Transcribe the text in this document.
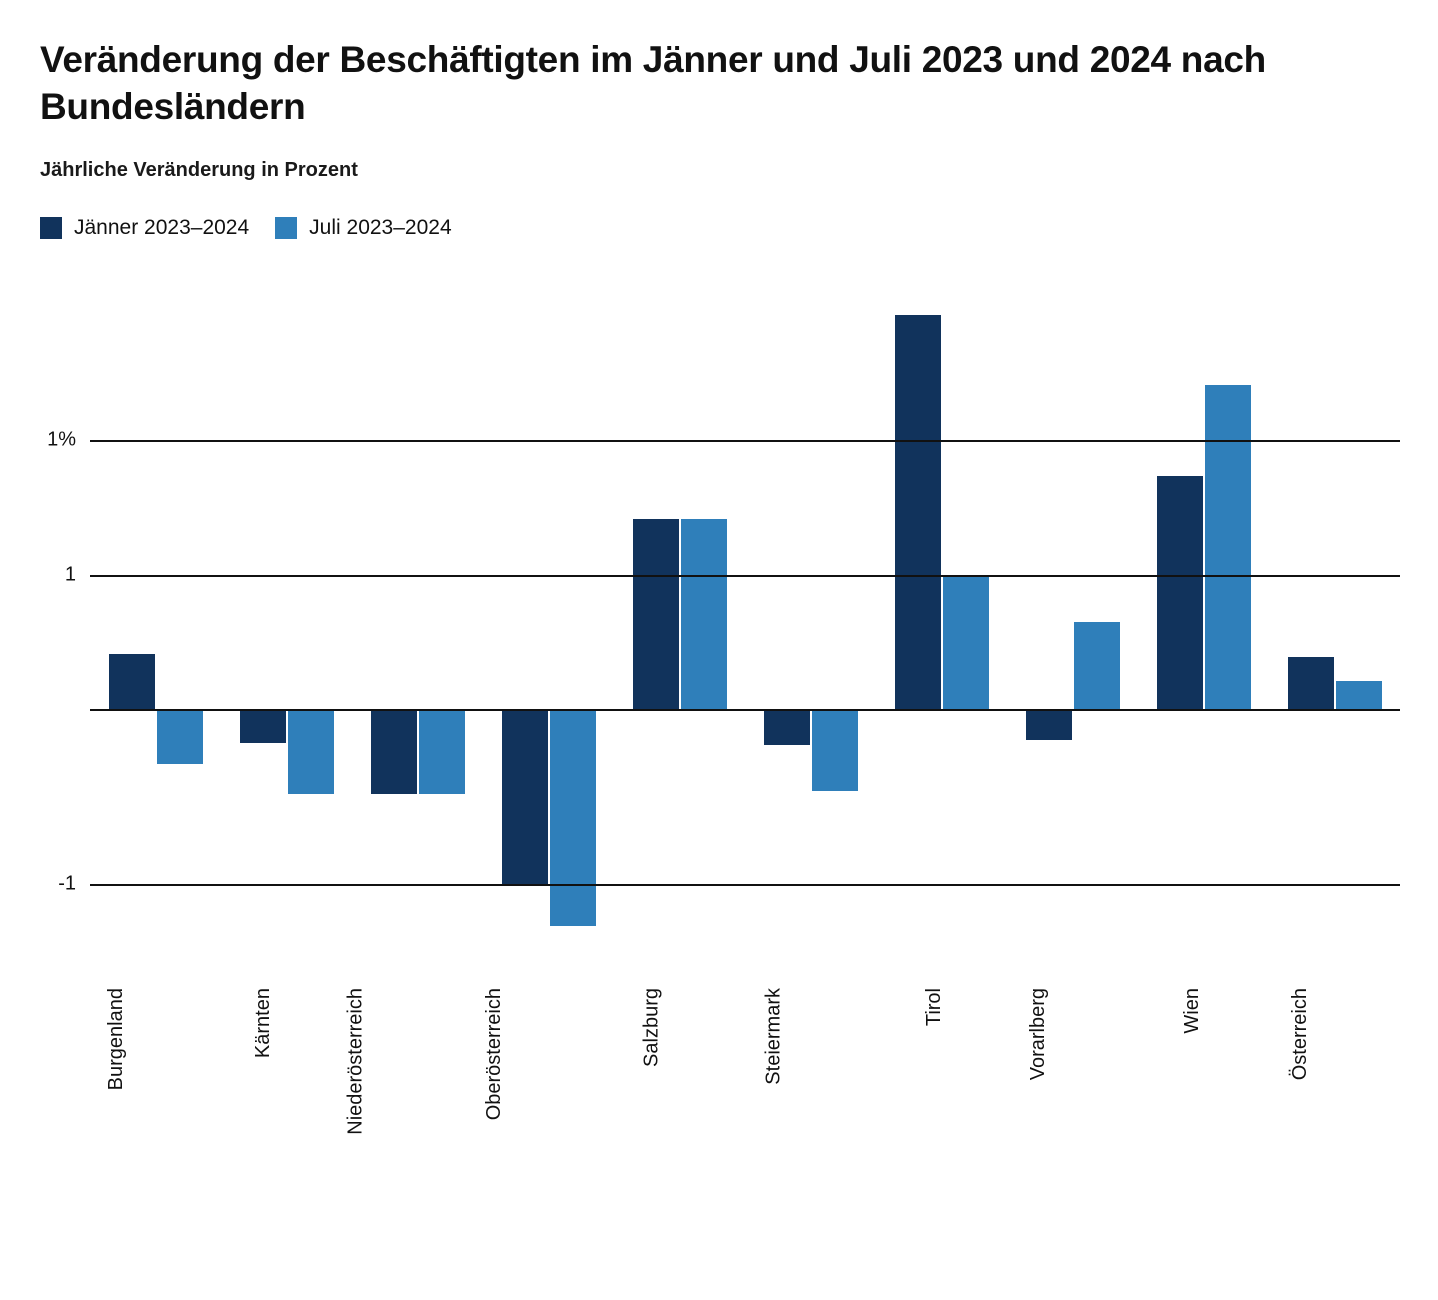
Veränderung der Beschäftigten im Jänner und Juli 2023 und 2024 nach Bundesländern
Jährliche Veränderung in Prozent
Jänner 2023–2024	Juli 2023–2024
1%
1
-1
Burgenland	Kärnten	Niederösterreich	Oberösterreich	Salzburg	Steiermark	Tirol	Vorarlberg	Wien	Österreich
